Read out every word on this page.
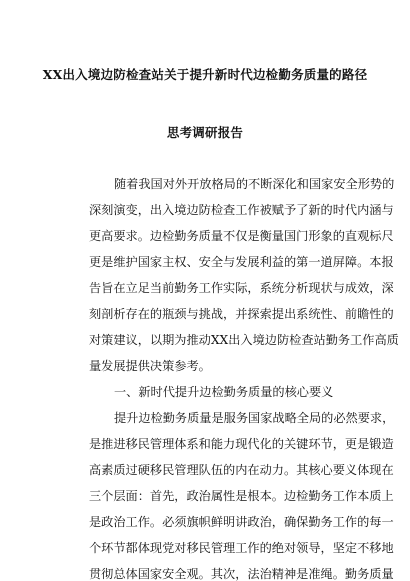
XX出入境边防检查站关于提升新时代边检勤务质量的路径
思考调研报告
随着我国对外开放格局的不断深化和国家安全形势的
深刻演变，出入境边防检查工作被赋予了新的时代内涵与
更高要求。边检勤务质量不仅是衡量国门形象的直观标尺
更是维护国家主权、安全与发展利益的第一道屏障。本报
告旨在立足当前勤务工作实际，系统分析现状与成效，深
刻剖析存在的瓶颈与挑战，并探索提出系统性、前瞻性的
对策建议，以期为推动XX出入境边防检查站勤务工作高质
量发展提供决策参考。
一、新时代提升边检勤务质量的核心要义
提升边检勤务质量是服务国家战略全局的必然要求，
是推进移民管理体系和能力现代化的关键环节，更是锻造
高素质过硬移民管理队伍的内在动力。其核心要义体现在
三个层面：首先，政治属性是根本。边检勤务工作本质上
是政治工作。必须旗帜鲜明讲政治，确保勤务工作的每一
个环节都体现党对移民管理工作的绝对领导，坚定不移地
贯彻总体国家安全观。其次，法治精神是准绳。勤务质量
